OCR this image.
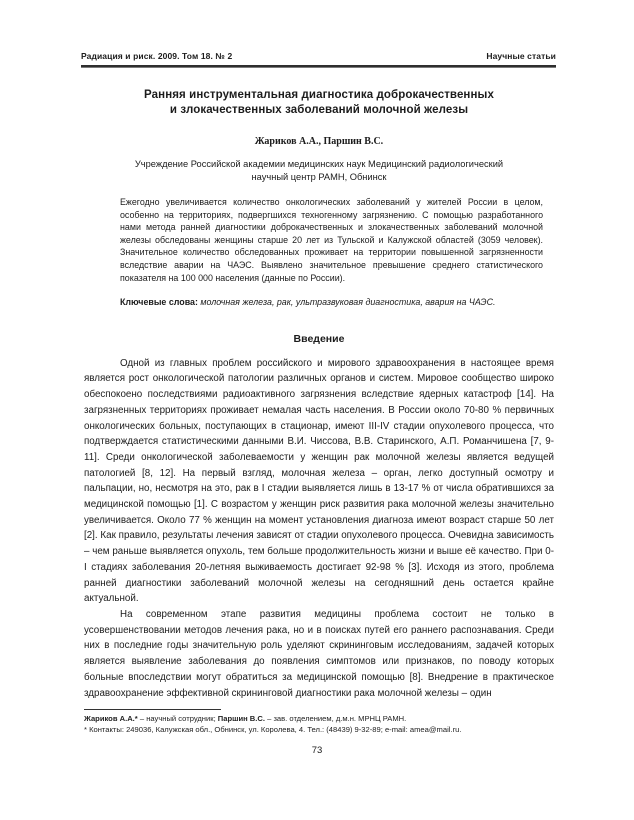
Радиация и риск. 2009. Том 18. № 2	Научные статьи
Ранняя инструментальная диагностика доброкачественных
и злокачественных заболеваний молочной железы
Жариков А.А., Паршин В.С.
Учреждение Российской академии медицинских наук Медицинский радиологический
научный центр РАМН, Обнинск
Ежегодно увеличивается количество онкологических заболеваний у жителей России в целом, особенно на территориях, подвергшихся техногенному загрязнению. С помощью разработанного нами метода ранней диагностики доброкачественных и злокачественных заболеваний молочной железы обследованы женщины старше 20 лет из Тульской и Калужской областей (3059 человек). Значительное количество обследованных проживает на территории повышенной загрязненности вследствие аварии на ЧАЭС. Выявлено значительное превышение среднего статистического показателя на 100 000 населения (данные по России).
Ключевые слова: молочная железа, рак, ультразвуковая диагностика, авария на ЧАЭС.
Введение

Одной из главных проблем российского и мирового здравоохранения в настоящее время является рост онкологической патологии различных органов и систем. Мировое сообщество широко обеспокоено последствиями радиоактивного загрязнения вследствие ядерных катастроф [14]. На загрязненных территориях проживает немалая часть населения. В России около 70-80 % первичных онкологических больных, поступающих в стационар, имеют III-IV стадии опухолевого процесса, что подтверждается статистическими данными В.И. Чиссова, В.В. Старинского, А.П. Романчишена [7, 9-11]. Среди онкологической заболеваемости у женщин рак молочной железы является ведущей патологией [8, 12]. На первый взгляд, молочная железа – орган, легко доступный осмотру и пальпации, но, несмотря на это, рак в I стадии выявляется лишь в 13-17 % от числа обратившихся за медицинской помощью [1]. С возрастом у женщин риск развития рака молочной железы значительно увеличивается. Около 77 % женщин на момент установления диагноза имеют возраст старше 50 лет [2]. Как правило, результаты лечения зависят от стадии опухолевого процесса. Очевидна зависимость – чем раньше выявляется опухоль, тем больше продолжительность жизни и выше её качество. При 0-I стадиях заболевания 20-летняя выживаемость достигает 92-98 % [3]. Исходя из этого, проблема ранней диагностики заболеваний молочной железы на сегодняшний день остается крайне актуальной.

На современном этапе развития медицины проблема состоит не только в усовершенствовании методов лечения рака, но и в поисках путей его раннего распознавания. Среди них в последние годы значительную роль уделяют скрининговым исследованиям, задачей которых является выявление заболевания до появления симптомов или признаков, по поводу которых больные впоследствии могут обратиться за медицинской помощью [8]. Внедрение в практическое здравоохранение эффективной скрининговой диагностики рака молочной железы – один

Жариков А.А.* – научный сотрудник; Паршин В.С. – зав. отделением, д.м.н. МРНЦ РАМН.
* Контакты: 249036, Калужская обл., Обнинск, ул. Королева, 4. Тел.: (48439) 9-32-89; e-mail: amea@mail.ru.
73
